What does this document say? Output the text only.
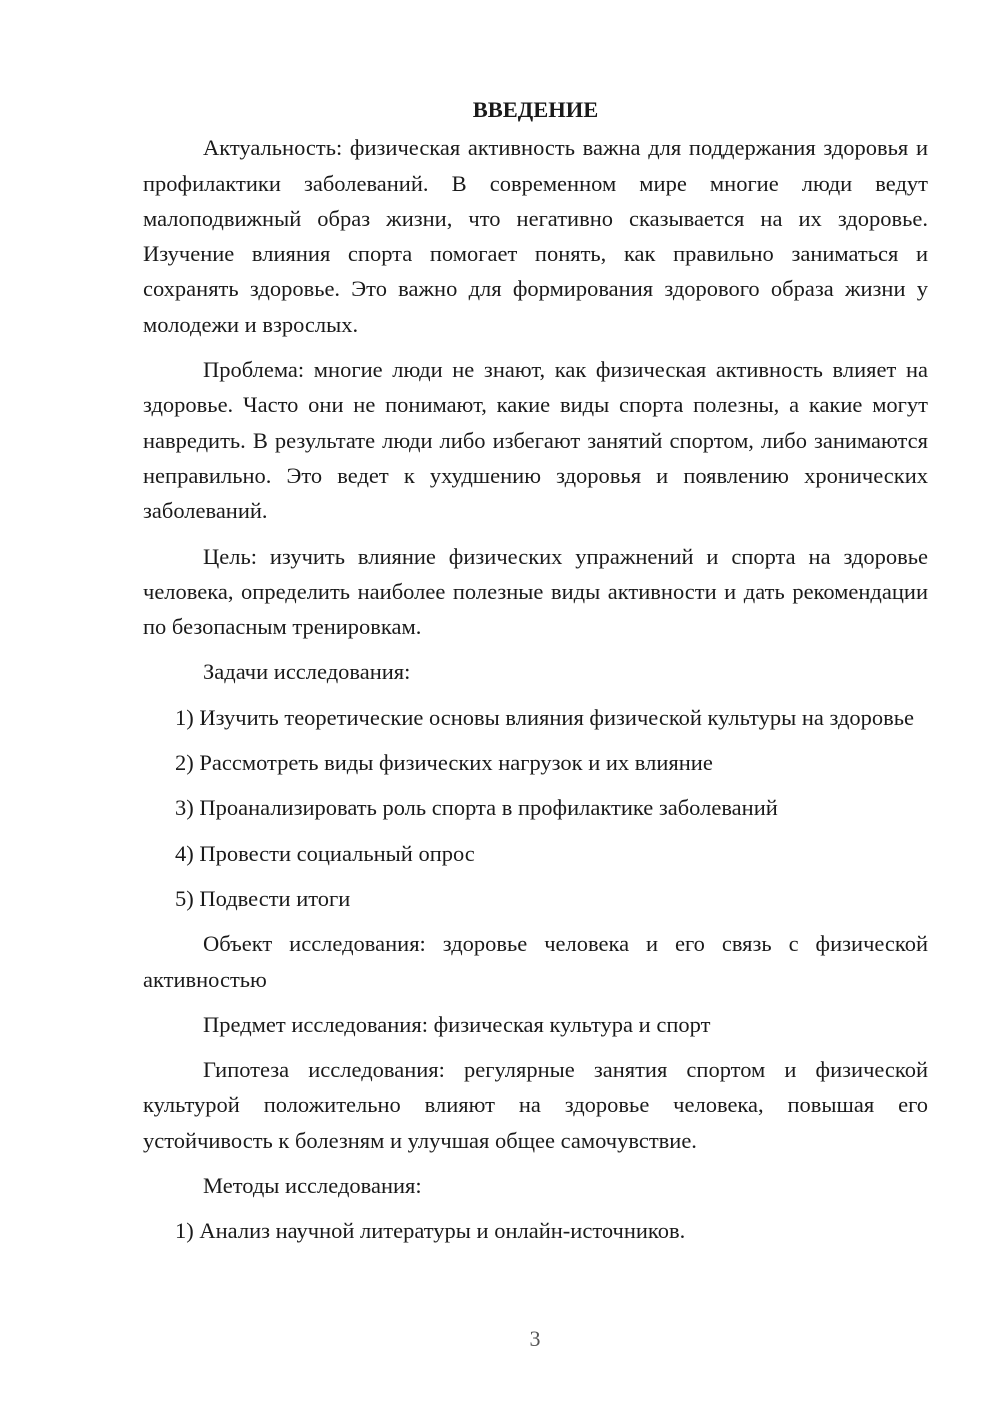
ВВЕДЕНИЕ

Актуальность: физическая активность важна для поддержания здоровья и профилактики заболеваний. В современном мире многие люди ведут малоподвижный образ жизни, что негативно сказывается на их здоровье. Изучение влияния спорта помогает понять, как правильно заниматься и сохранять здоровье. Это важно для формирования здорового образа жизни у молодежи и взрослых.

Проблема: многие люди не знают, как физическая активность влияет на здоровье. Часто они не понимают, какие виды спорта полезны, а какие могут навредить. В результате люди либо избегают занятий спортом, либо занимаются неправильно. Это ведет к ухудшению здоровья и появлению хронических заболеваний.

Цель: изучить влияние физических упражнений и спорта на здоровье человека, определить наиболее полезные виды активности и дать рекомендации по безопасным тренировкам.

Задачи исследования:

1) Изучить теоретические основы влияния физической культуры на здоровье

2) Рассмотреть виды физических нагрузок и их влияние

3) Проанализировать роль спорта в профилактике заболеваний

4) Провести социальный опрос

5) Подвести итоги

Объект исследования: здоровье человека и его связь с физической активностью

Предмет исследования: физическая культура и спорт

Гипотеза исследования: регулярные занятия спортом и физической культурой положительно влияют на здоровье человека, повышая его устойчивость к болезням и улучшая общее самочувствие.

Методы исследования:

1) Анализ научной литературы и онлайн-источников.

3
